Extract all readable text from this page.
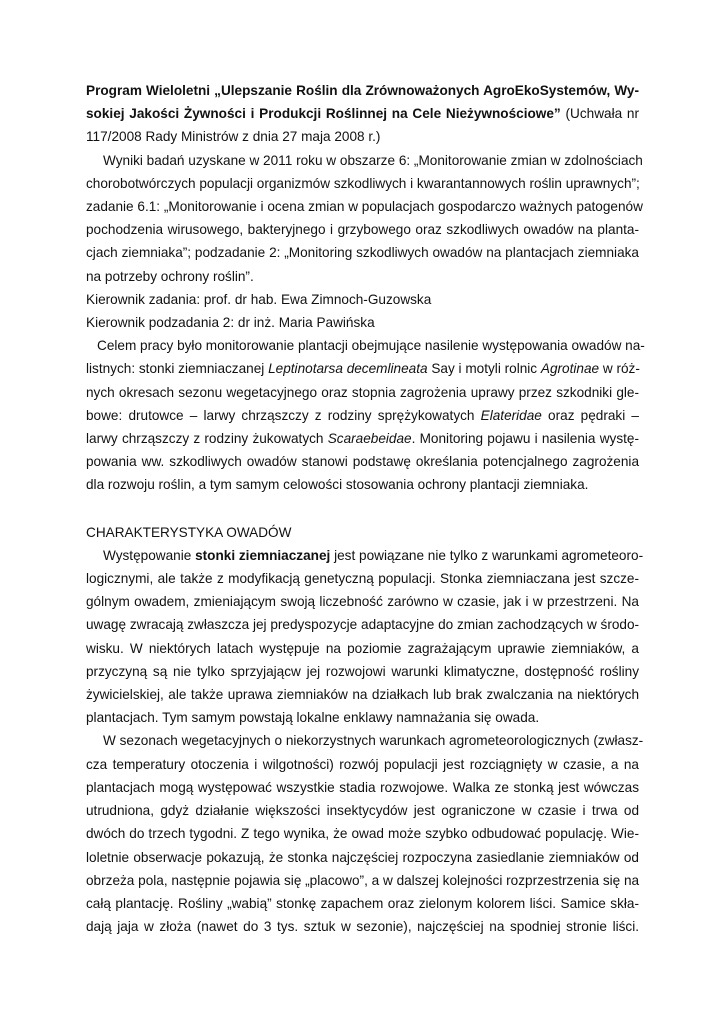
Program Wieloletni „Ulepszanie Roślin dla Zrównoważonych AgroEkoSystemów, Wy-
sokiej Jakości Żywności i Produkcji Roślinnej na Cele Nieżywnościowe” (Uchwała nr
117/2008 Rady Ministrów z dnia 27 maja 2008 r.)
Wyniki badań uzyskane w 2011 roku w obszarze 6: „Monitorowanie zmian w zdolnościach
chorobotwórczych populacji organizmów szkodliwych i kwarantannowych roślin uprawnych”;
zadanie 6.1: „Monitorowanie i ocena zmian w populacjach gospodarczo ważnych patogenów
pochodzenia wirusowego, bakteryjnego i grzybowego oraz szkodliwych owadów na planta-
cjach ziemniaka”; podzadanie 2: „Monitoring szkodliwych owadów na plantacjach ziemniaka
na potrzeby ochrony roślin”.
Kierownik zadania: prof. dr hab. Ewa Zimnoch-Guzowska
Kierownik podzadania 2: dr inż. Maria Pawińska
Celem pracy było monitorowanie plantacji obejmujące nasilenie występowania owadów na-
listnych: stonki ziemniaczanej Leptinotarsa decemlineata Say i motyli rolnic Agrotinae w róż-
nych okresach sezonu wegetacyjnego oraz stopnia zagrożenia uprawy przez szkodniki gle-
bowe: drutowce – larwy chrząszczy z rodziny sprężykowatych Elateridae oraz pędraki –
larwy chrząszczy z rodziny żukowatych Scaraebeidae. Monitoring pojawu i nasilenia wystę-
powania ww. szkodliwych owadów stanowi podstawę określania potencjalnego zagrożenia
dla rozwoju roślin, a tym samym celowości stosowania ochrony plantacji ziemniaka.
CHARAKTERYSTYKA OWADÓW
Występowanie stonki ziemniaczanej jest powiązane nie tylko z warunkami agrometeoro-
logicznymi, ale także z modyfikacją genetyczną populacji. Stonka ziemniaczana jest szcze-
gólnym owadem, zmieniającym swoją liczebność zarówno w czasie, jak i w przestrzeni. Na
uwagę zwracają zwłaszcza jej predyspozycje adaptacyjne do zmian zachodzących w środo-
wisku. W niektórych latach występuje na poziomie zagrażającym uprawie ziemniaków, a
przyczyną są nie tylko sprzyjającw jej rozwojowi warunki klimatyczne, dostępność rośliny
żywicielskiej, ale także uprawa ziemniaków na działkach lub brak zwalczania na niektórych
plantacjach. Tym samym powstają lokalne enklawy namnażania się owada.
W sezonach wegetacyjnych o niekorzystnych warunkach agrometeorologicznych (zwłasz-
cza temperatury otoczenia i wilgotności) rozwój populacji jest rozciągnięty w czasie, a na
plantacjach mogą występować wszystkie stadia rozwojowe. Walka ze stonką jest wówczas
utrudniona, gdyż działanie większości insektycydów jest ograniczone w czasie i trwa od
dwóch do trzech tygodni. Z tego wynika, że owad może szybko odbudować populację. Wie-
loletnie obserwacje pokazują, że stonka najczęściej rozpoczyna zasiedlanie ziemniaków od
obrzeża pola, następnie pojawia się „placowo”, a w dalszej kolejności rozprzestrzenia się na
całą plantację. Rośliny „wabią” stonkę zapachem oraz zielonym kolorem liści. Samice skła-
dają jaja w złoża (nawet do 3 tys. sztuk w sezonie), najczęściej na spodniej stronie liści.
